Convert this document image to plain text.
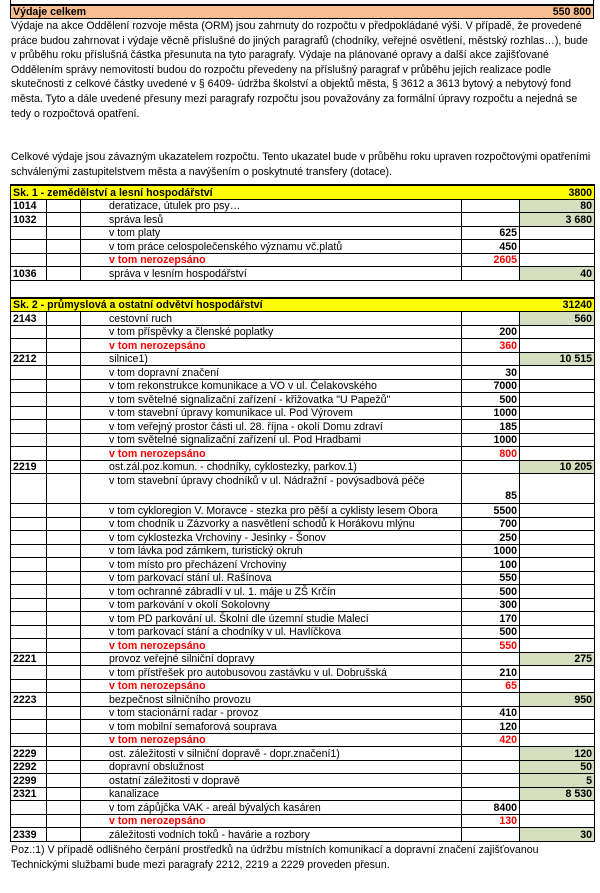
Výdaje celkem	550 800

Výdaje na akce Oddělení rozvoje města (ORM) jsou zahrnuty do rozpočtu v předpokládané výši. V případě, že provedené práce budou zahrnovat i výdaje věcně příslušné do jiných paragrafů (chodníky, veřejné osvětlení, městský rozhlas…), bude v průběhu roku příslušná částka přesunuta na tyto paragrafy. Výdaje na plánované opravy a další akce zajišťované Oddělením správy nemovitostí budou do rozpočtu převedeny na příslušný paragraf v průběhu jejich realizace podle skutečnosti z celkové částky uvedené v § 6409- údržba školství a objektů města, § 3612 a 3613 bytový a nebytový fond města. Tyto a dále uvedené přesuny mezi paragrafy rozpočtu jsou považovány za formální úpravy rozpočtu a nejedná se tedy o rozpočtová opatření.

Celkové výdaje jsou závazným ukazatelem rozpočtu. Tento ukazatel bude v průběhu roku upraven rozpočtovými opatřeními schválenými zastupitelstvem města a navýšením o poskytnuté transfery (dotace).

Sk. 1 - zemědělství a lesní hospodářství				3800
1014		deratizace, útulek pro psy…		80
1032		správa lesů		3 680
		v tom platy	625	
		v tom práce celospolečenského významu vč.platů	450	
		v tom nerozepsáno	2605	
1036		správa v lesním hospodářství		40

Sk. 2 - průmyslová a ostatní odvětví hospodářství				31240
2143		cestovní ruch		560
		v tom příspěvky a členské poplatky	200	
		v tom nerozepsáno	360	
2212		silnice1)		10 515
		v tom dopravní značení	30	
		v tom rekonstrukce komunikace a VO v ul. Čelakovského	7000	
		v tom světelné signalizační zařízení - křižovatka "U Papežů"	500	
		v tom stavební úpravy komunikace ul. Pod Výrovem	1000	
		v tom veřejný prostor části ul. 28. října - okolí Domu zdraví	185	
		v tom světelné signalizační zařízení ul. Pod Hradbami	1000	
		v tom nerozepsáno	800	
2219		ost.zál.poz.komun. - chodníky, cyklostezky, parkov.1)		10 205
		v tom stavební úpravy chodníků v ul. Nádražní - povýsadbová péče	85	
		v tom cykloregion V. Moravce - stezka pro pěší a cyklisty lesem Obora	5500	
		v tom chodník u Zázvorky a nasvětlení schodů k Horákovu mlýnu	700	
		v tom cyklostezka Vrchoviny - Jesinky - Šonov	250	
		v tom lávka pod zámkem, turistický okruh	1000	
		v tom místo pro přecházení Vrchoviny	100	
		v tom parkovací stání ul. Rašínova	550	
		v tom ochranné zábradlí v ul. 1. máje u ZŠ Krčín	500	
		v tom parkování v okolí Sokolovny	300	
		v tom PD parkování ul. Školní dle územní studie Malecí	170	
		v tom parkovací stání a chodníky v ul. Havlíčkova	500	
		v tom nerozepsáno	550	
2221		provoz veřejné silniční dopravy		275
		v tom přístřešek pro autobusovou zastávku v ul. Dobrušská	210	
		v tom nerozepsáno	65	
2223		bezpečnost silničního provozu		950
		v tom stacionární radar - provoz	410	
		v tom mobilní semaforová souprava	120	
		v tom nerozepsáno	420	
2229		ost. záležitosti v silniční dopravě - dopr.značení1)		120
2292		dopravní obslužnost		50
2299		ostatní záležitosti v dopravě		5
2321		kanalizace		8 530
		v tom zápůjčka VAK - areál bývalých kasáren	8400	
		v tom nerozepsáno	130	
2339		záležitosti vodních toků - havárie a rozbory		30

Poz.:1) V případě odlišného čerpání prostředků na údržbu místních komunikací a dopravní značení zajišťovanou Technickými službami bude mezi paragrafy 2212, 2219 a 2229 proveden přesun.
